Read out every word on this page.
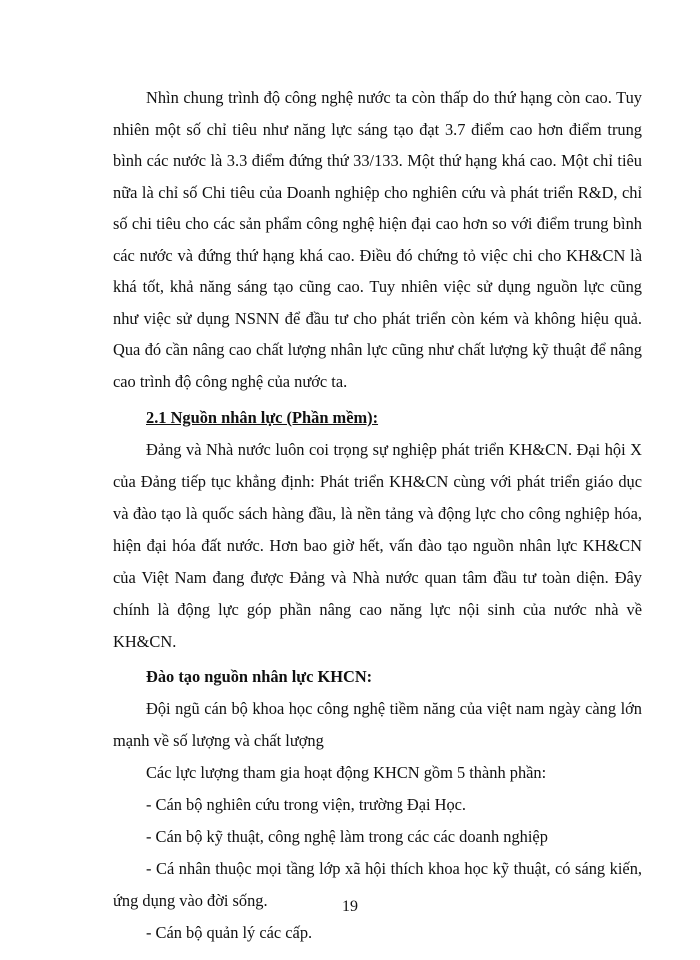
Nhìn chung trình độ công nghệ nước ta còn thấp do thứ hạng còn cao. Tuy nhiên một số chỉ tiêu như năng lực sáng tạo đạt 3.7 điểm cao hơn điểm trung bình các nước là 3.3 điểm đứng thứ 33/133. Một thứ hạng khá cao. Một chỉ tiêu nữa là chỉ số Chi tiêu của Doanh nghiệp cho nghiên cứu và phát triển R&D, chỉ số chi tiêu cho các sản phẩm công nghệ hiện đại cao hơn so với điểm trung bình các nước và đứng thứ hạng khá cao. Điều đó chứng tỏ việc chi cho KH&CN là khá tốt, khả năng sáng tạo cũng cao. Tuy nhiên việc sử dụng nguồn lực cũng như việc sử dụng NSNN để đầu tư cho phát triển còn kém và không hiệu quả. Qua đó cần nâng cao chất lượng nhân lực cũng như chất lượng kỹ thuật để nâng cao trình độ công nghệ của nước ta.

2.1 Nguồn nhân lực (Phần mềm):

Đảng và Nhà nước luôn coi trọng sự nghiệp phát triển KH&CN. Đại hội X của Đảng tiếp tục khẳng định: Phát triển KH&CN cùng với phát triển giáo dục và đào tạo là quốc sách hàng đầu, là nền tảng và động lực cho công nghiệp hóa, hiện đại hóa đất nước. Hơn bao giờ hết, vấn đào tạo nguồn nhân lực KH&CN của Việt Nam đang được Đảng và Nhà nước quan tâm đầu tư toàn diện. Đây chính là động lực góp phần nâng cao năng lực nội sinh của nước nhà về KH&CN.

Đào tạo nguồn nhân lực KHCN:

Đội ngũ cán bộ khoa học công nghệ tiềm năng của việt nam ngày càng lớn mạnh về số lượng và chất lượng

Các lực lượng tham gia hoạt động KHCN gồm 5 thành phần:

- Cán bộ nghiên cứu trong viện, trường Đại Học.

- Cán bộ kỹ thuật, công nghệ làm trong các các doanh nghiệp

- Cá nhân thuộc mọi tầng lớp xã hội thích khoa học kỹ thuật, có sáng kiến, ứng dụng vào đời sống.

- Cán bộ quản lý các cấp.

19
